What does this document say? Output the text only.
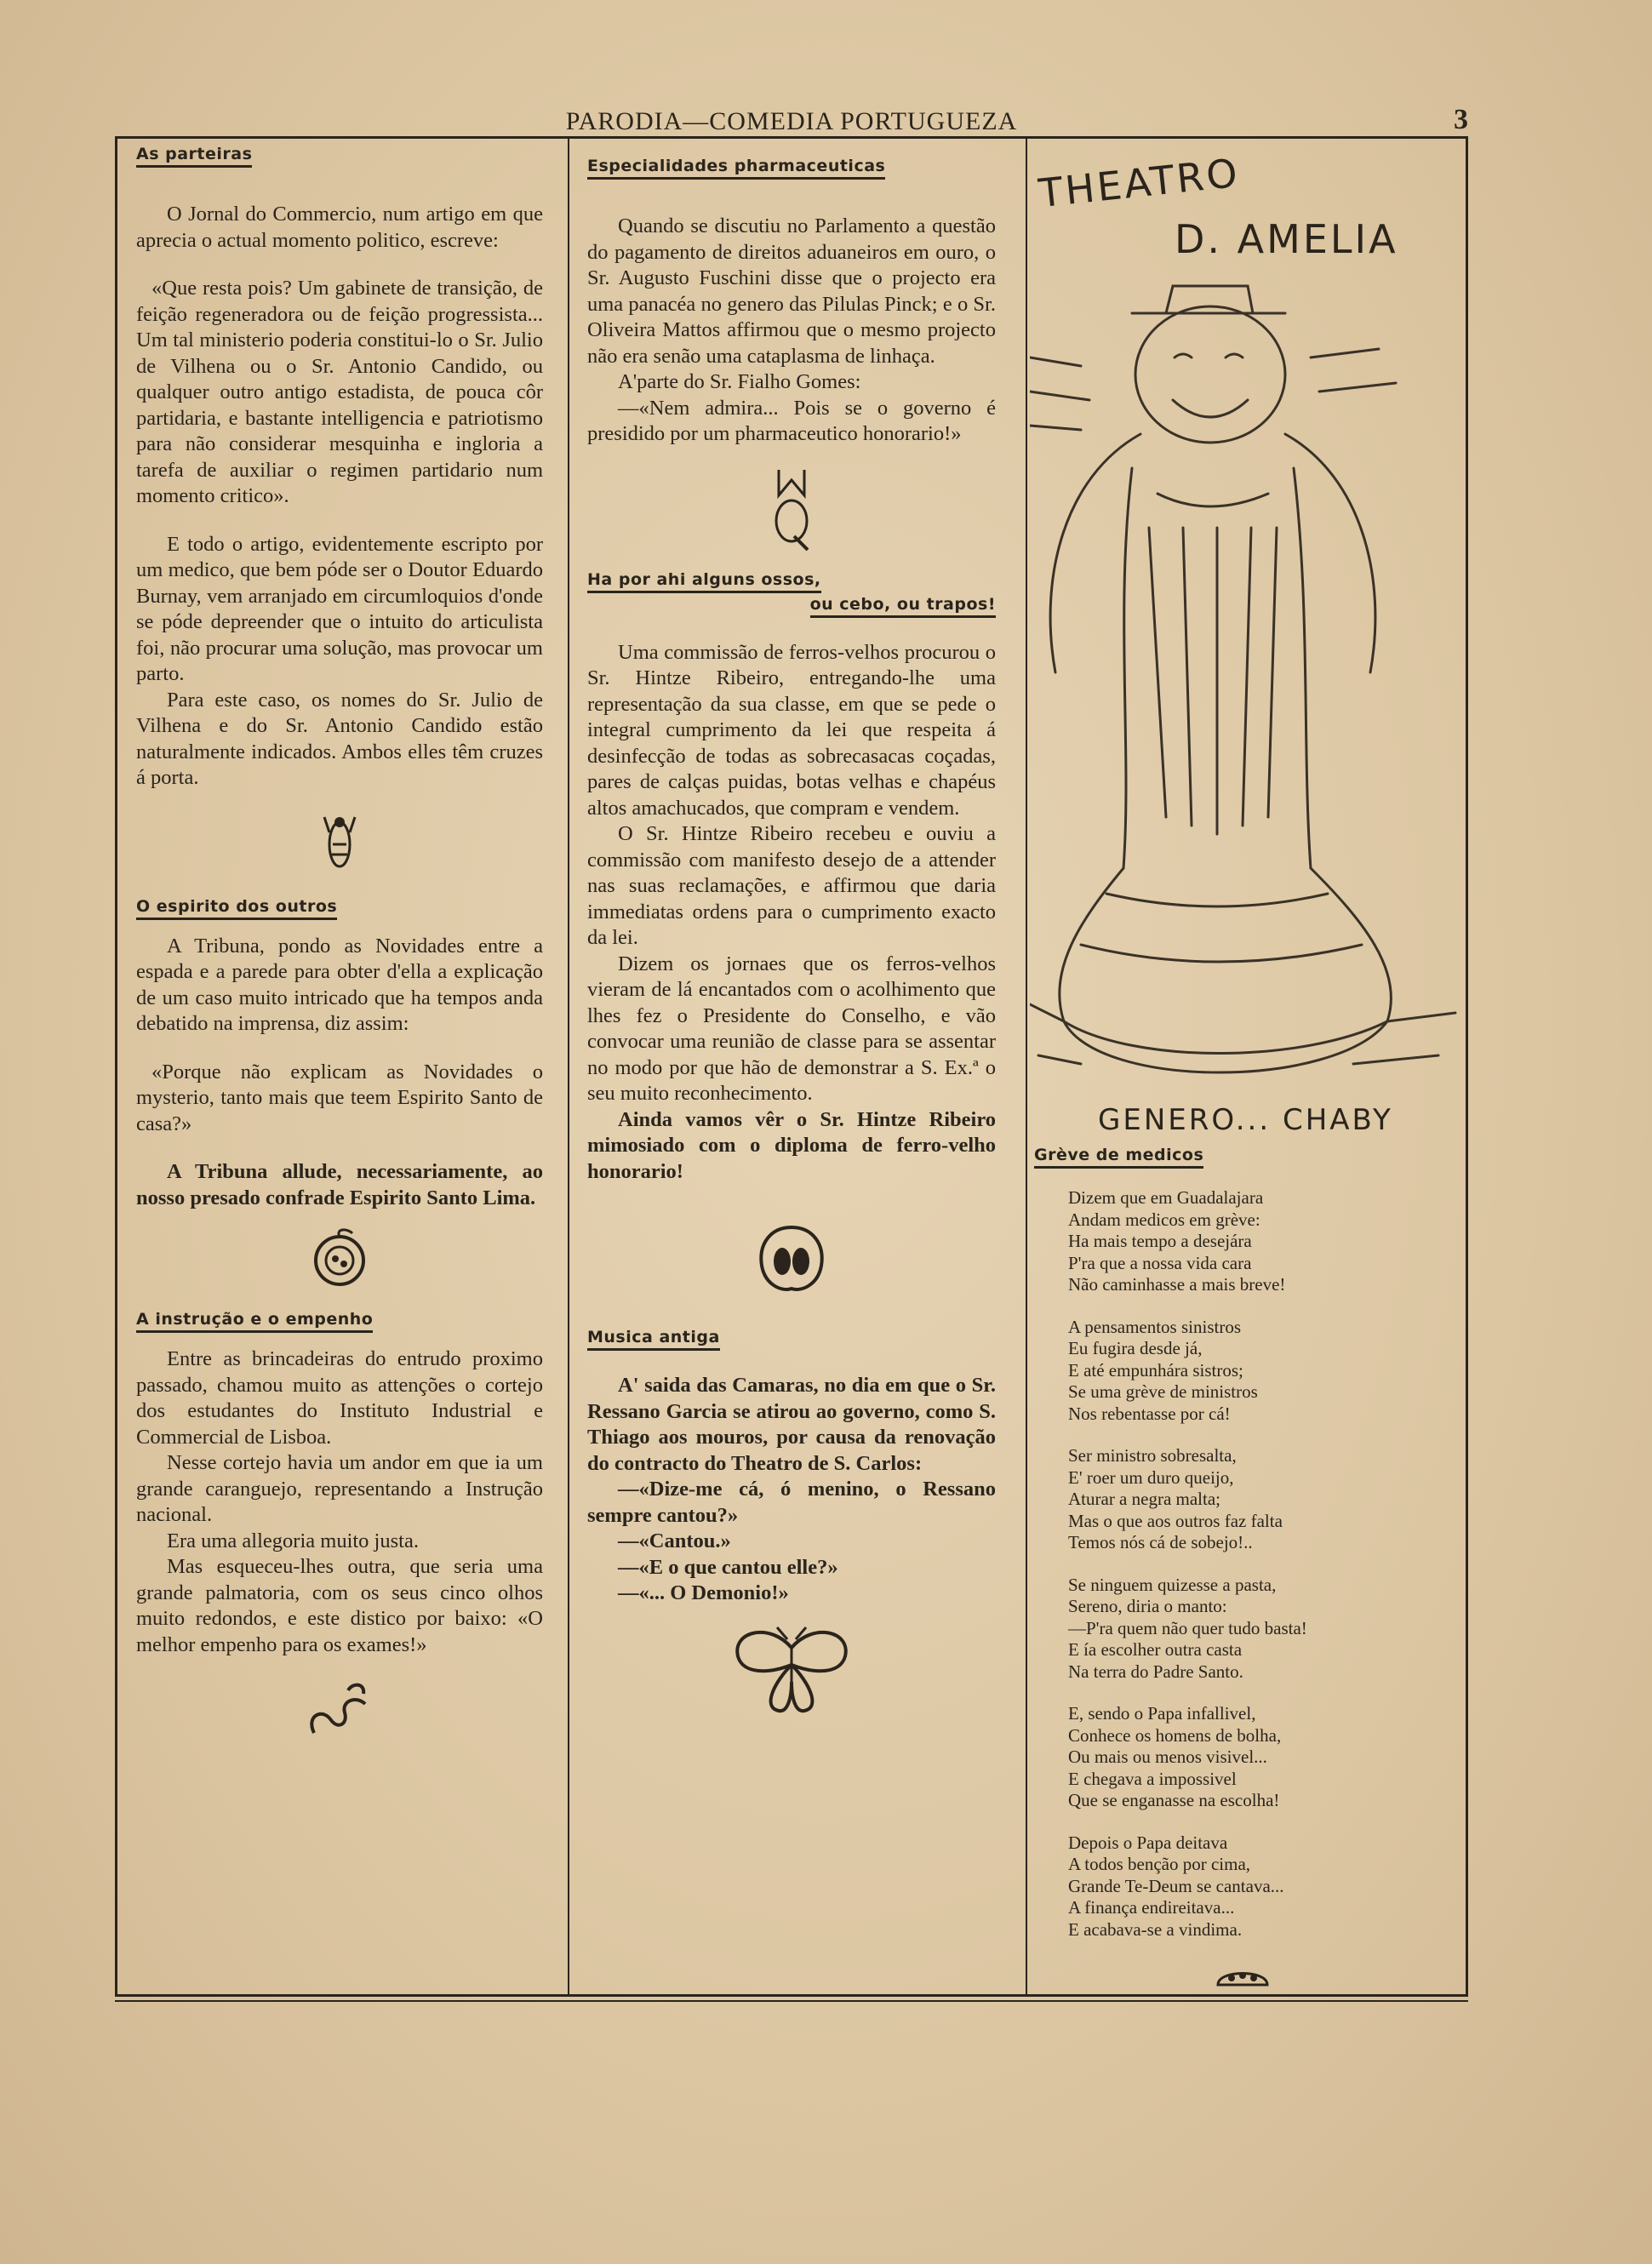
PARODIA—COMEDIA PORTUGUEZA	3
As parteiras

O Jornal do Commercio, num artigo em que aprecia o actual momento politico, escreve:

«Que resta pois? Um gabinete de transição, de feição regeneradora ou de feição progressista... Um tal ministerio poderia constitui-lo o Sr. Julio de Vilhena ou o Sr. Antonio Candido, ou qualquer outro antigo estadista, de pouca côr partidaria, e bastante intelligencia e patriotismo para não considerar mesquinha e ingloria a tarefa de auxiliar o regimen partidario num momento critico».

E todo o artigo, evidentemente escripto por um medico, que bem póde ser o Doutor Eduardo Burnay, vem arranjado em circumloquios d'onde se póde depreender que o intuito do articulista foi, não procurar uma solução, mas provocar um parto.

Para este caso, os nomes do Sr. Julio de Vilhena e do Sr. Antonio Candido estão naturalmente indicados. Ambos elles têm cruzes á porta.

O espirito dos outros

A Tribuna, pondo as Novidades entre a espada e a parede para obter d'ella a explicação de um caso muito intricado que ha tempos anda debatido na imprensa, diz assim:

«Porque não explicam as Novidades o mysterio, tanto mais que teem Espirito Santo de casa?»

A Tribuna allude, necessariamente, ao nosso presado confrade Espirito Santo Lima.

A instrução e o empenho

Entre as brincadeiras do entrudo proximo passado, chamou muito as attenções o cortejo dos estudantes do Instituto Industrial e Commercial de Lisboa.

Nesse cortejo havia um andor em que ia um grande caranguejo, representando a Instrução nacional.

Era uma allegoria muito justa.

Mas esqueceu-lhes outra, que seria uma grande palmatoria, com os seus cinco olhos muito redondos, e este distico por baixo: «O melhor empenho para os exames!»

Especialidades pharmaceuticas

Quando se discutiu no Parlamento a questão do pagamento de direitos aduaneiros em ouro, o Sr. Augusto Fuschini disse que o projecto era uma panacéa no genero das Pilulas Pinck; e o Sr. Oliveira Mattos affirmou que o mesmo projecto não era senão uma cataplasma de linhaça.

A'parte do Sr. Fialho Gomes:

—«Nem admira... Pois se o governo é presidido por um pharmaceutico honorario!»

Ha por ahi alguns ossos,
ou cebo, ou trapos!

Uma commissão de ferros-velhos procurou o Sr. Hintze Ribeiro, entregando-lhe uma representação da sua classe, em que se pede o integral cumprimento da lei que respeita á desinfecção de todas as sobrecasacas coçadas, pares de calças puidas, botas velhas e chapéus altos amachucados, que compram e vendem.

O Sr. Hintze Ribeiro recebeu e ouviu a commissão com manifesto desejo de a attender nas suas reclamações, e affirmou que daria immediatas ordens para o cumprimento exacto da lei.

Dizem os jornaes que os ferros-velhos vieram de lá encantados com o acolhimento que lhes fez o Presidente do Conselho, e vão convocar uma reunião de classe para se assentar no modo por que hão de demonstrar a S. Ex.ª o seu muito reconhecimento.

Ainda vamos vêr o Sr. Hintze Ribeiro mimosiado com o diploma de ferro-velho honorario!

Musica antiga

A' saida das Camaras, no dia em que o Sr. Ressano Garcia se atirou ao governo, como S. Thiago aos mouros, por causa da renovação do contracto do Theatro de S. Carlos:

—«Dize-me cá, ó menino, o Ressano sempre cantou?»

—«Cantou.»

—«E o que cantou elle?»

—«... O Demonio!»

THEATRO
D. AMELIA
GENERO... CHABY
Grève de medicos
Dizem que em Guadalajara
Andam medicos em grève:
Ha mais tempo a desejára
P'ra que a nossa vida cara
Não caminhasse a mais breve!
A pensamentos sinistros
Eu fugira desde já,
E até empunhára sistros;
Se uma grève de ministros
Nos rebentasse por cá!
Ser ministro sobresalta,
E' roer um duro queijo,
Aturar a negra malta;
Mas o que aos outros faz falta
Temos nós cá de sobejo!..
Se ninguem quizesse a pasta,
Sereno, diria o manto:
—P'ra quem não quer tudo basta!
E ía escolher outra casta
Na terra do Padre Santo.
E, sendo o Papa infallivel,
Conhece os homens de bolha,
Ou mais ou menos visivel...
E chegava a impossivel
Que se enganasse na escolha!
Depois o Papa deitava
A todos benção por cima,
Grande Te-Deum se cantava...
A finança endireitava...
E acabava-se a vindima.
